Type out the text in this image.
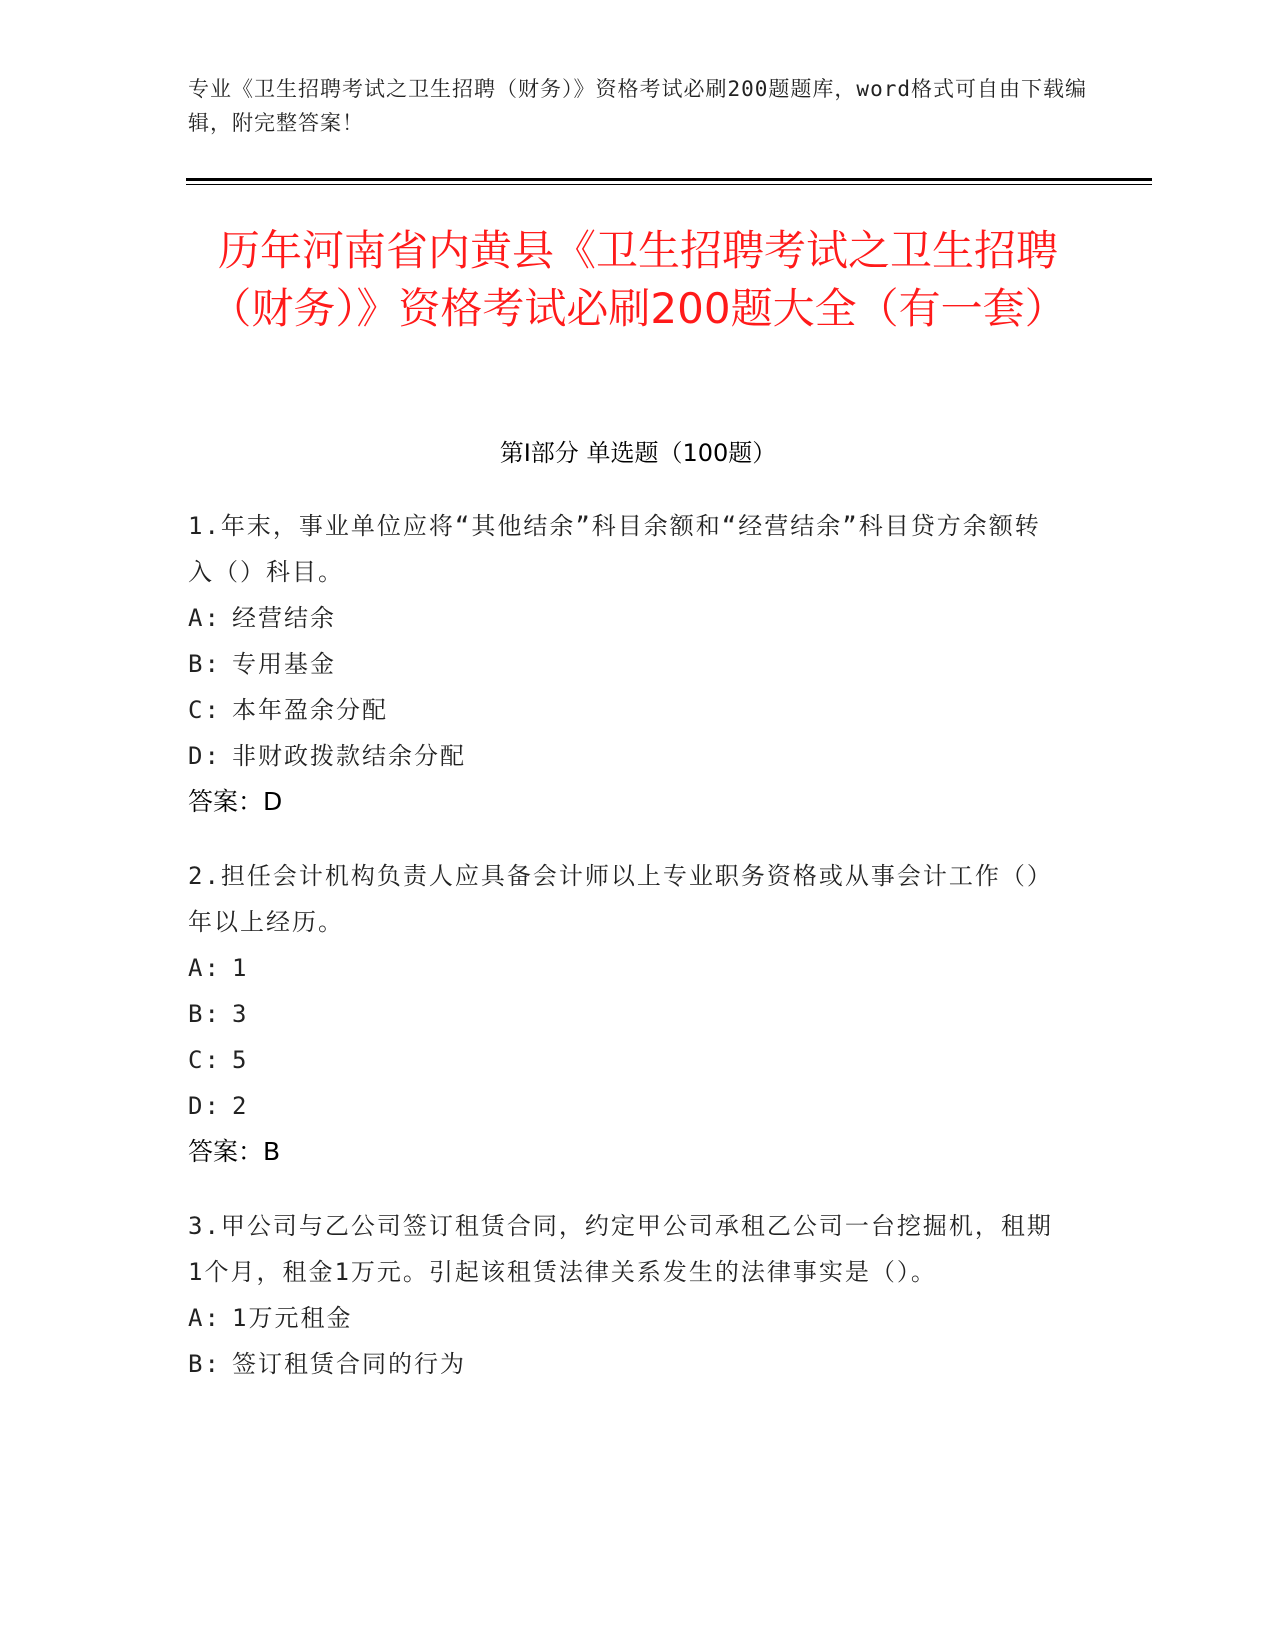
专业《卫生招聘考试之卫生招聘（财务）》资格考试必刷200题题库，word格式可自由下载编辑，附完整答案！
历年河南省内黄县《卫生招聘考试之卫生招聘（财务）》资格考试必刷200题大全（有一套）
第I部分 单选题（100题）
1.年末，事业单位应将“其他结余”科目余额和“经营结余”科目贷方余额转入（）科目。
A: 经营结余
B: 专用基金
C: 本年盈余分配
D: 非财政拨款结余分配
答案：D
2.担任会计机构负责人应具备会计师以上专业职务资格或从事会计工作（）年以上经历。
A: 1
B: 3
C: 5
D: 2
答案：B
3.甲公司与乙公司签订租赁合同，约定甲公司承租乙公司一台挖掘机，租期1个月，租金1万元。引起该租赁法律关系发生的法律事实是（）。
A: 1万元租金
B: 签订租赁合同的行为
